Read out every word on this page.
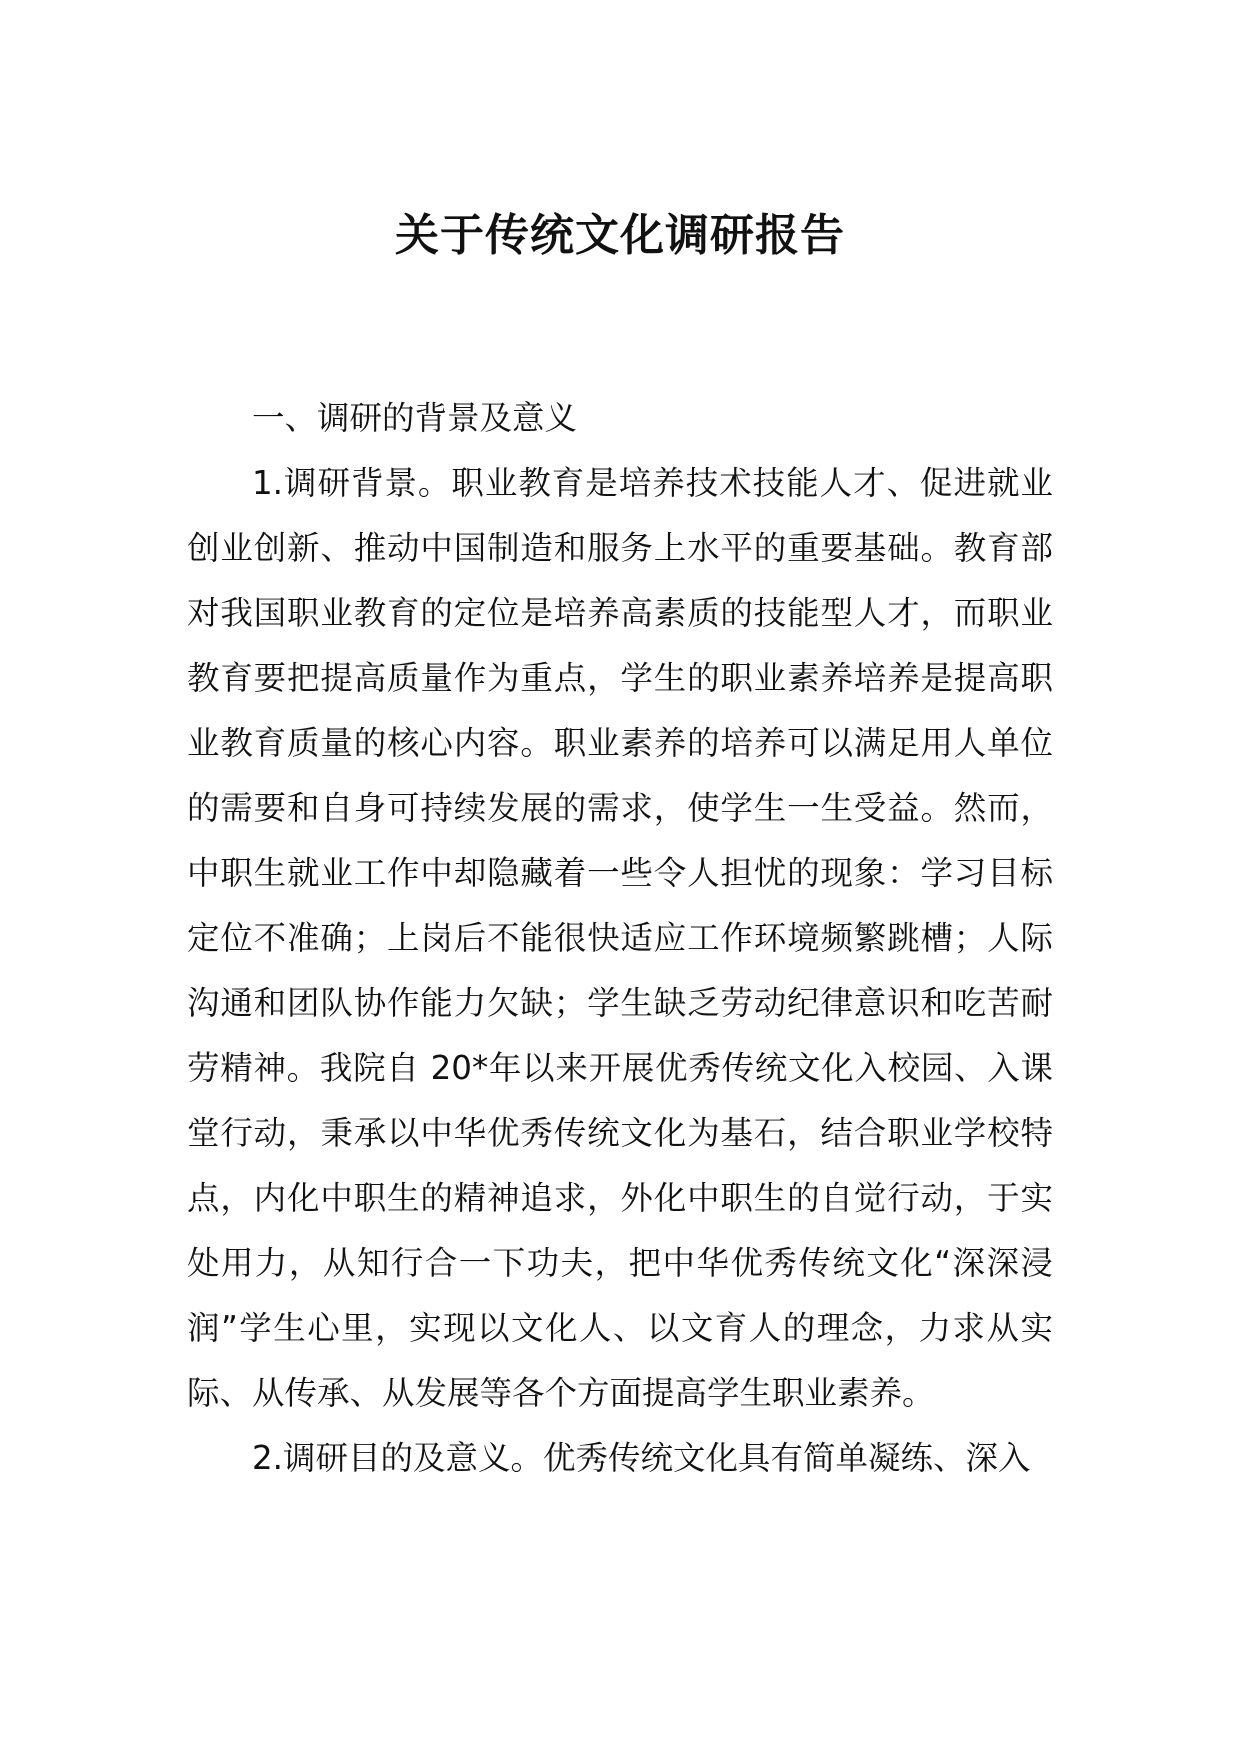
关于传统文化调研报告
一、调研的背景及意义

1.调研背景。职业教育是培养技术技能人才、促进就业创业创新、推动中国制造和服务上水平的重要基础。教育部对我国职业教育的定位是培养高素质的技能型人才，而职业教育要把提高质量作为重点，学生的职业素养培养是提高职业教育质量的核心内容。职业素养的培养可以满足用人单位的需要和自身可持续发展的需求，使学生一生受益。然而，中职生就业工作中却隐藏着一些令人担忧的现象：学习目标定位不准确；上岗后不能很快适应工作环境频繁跳槽；人际沟通和团队协作能力欠缺；学生缺乏劳动纪律意识和吃苦耐劳精神。我院自 20*年以来开展优秀传统文化入校园、入课堂行动，秉承以中华优秀传统文化为基石，结合职业学校特点，内化中职生的精神追求，外化中职生的自觉行动，于实处用力，从知行合一下功夫，把中华优秀传统文化“深深浸润”学生心里，实现以文化人、以文育人的理念，力求从实际、从传承、从发展等各个方面提高学生职业素养。

2.调研目的及意义。优秀传统文化具有简单凝练、深入
